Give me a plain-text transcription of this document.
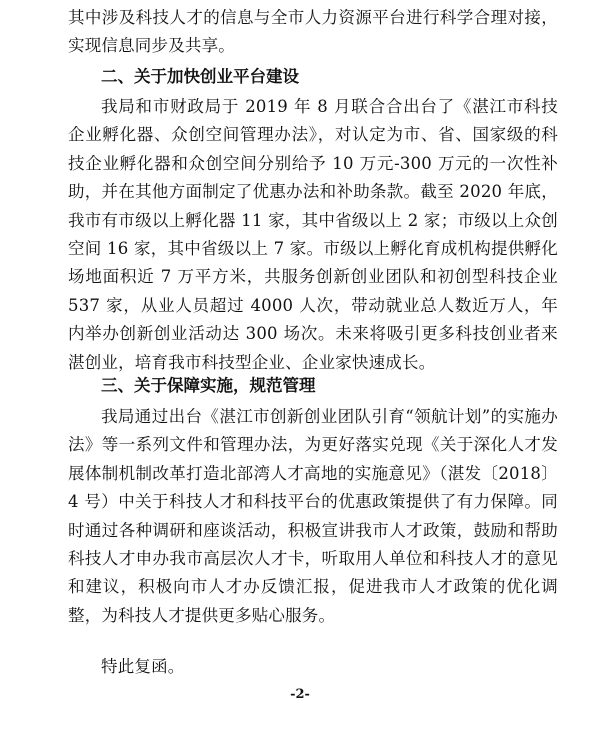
其中涉及科技人才的信息与全市人力资源平台进行科学合理对接，实现信息同步及共享。

二、关于加快创业平台建设

我局和市财政局于 2019 年 8 月联合合出台了《湛江市科技企业孵化器、众创空间管理办法》，对认定为市、省、国家级的科技企业孵化器和众创空间分别给予 10 万元-300 万元的一次性补助，并在其他方面制定了优惠办法和补助条款。截至 2020 年底，我市有市级以上孵化器 11 家，其中省级以上 2 家；市级以上众创空间 16 家，其中省级以上 7 家。市级以上孵化育成机构提供孵化场地面积近 7 万平方米，共服务创新创业团队和初创型科技企业 537 家，从业人员超过 4000 人次，带动就业总人数近万人，年内举办创新创业活动达 300 场次。未来将吸引更多科技创业者来湛创业，培育我市科技型企业、企业家快速成长。

三、关于保障实施，规范管理

我局通过出台《湛江市创新创业团队引育“领航计划”的实施办法》等一系列文件和管理办法，为更好落实兑现《关于深化人才发展体制机制改革打造北部湾人才高地的实施意见》（湛发〔2018〕4 号）中关于科技人才和科技平台的优惠政策提供了有力保障。同时通过各种调研和座谈活动，积极宣讲我市人才政策，鼓励和帮助科技人才申办我市高层次人才卡，听取用人单位和科技人才的意见和建议，积极向市人才办反馈汇报，促进我市人才政策的优化调整，为科技人才提供更多贴心服务。

特此复函。

-2-
